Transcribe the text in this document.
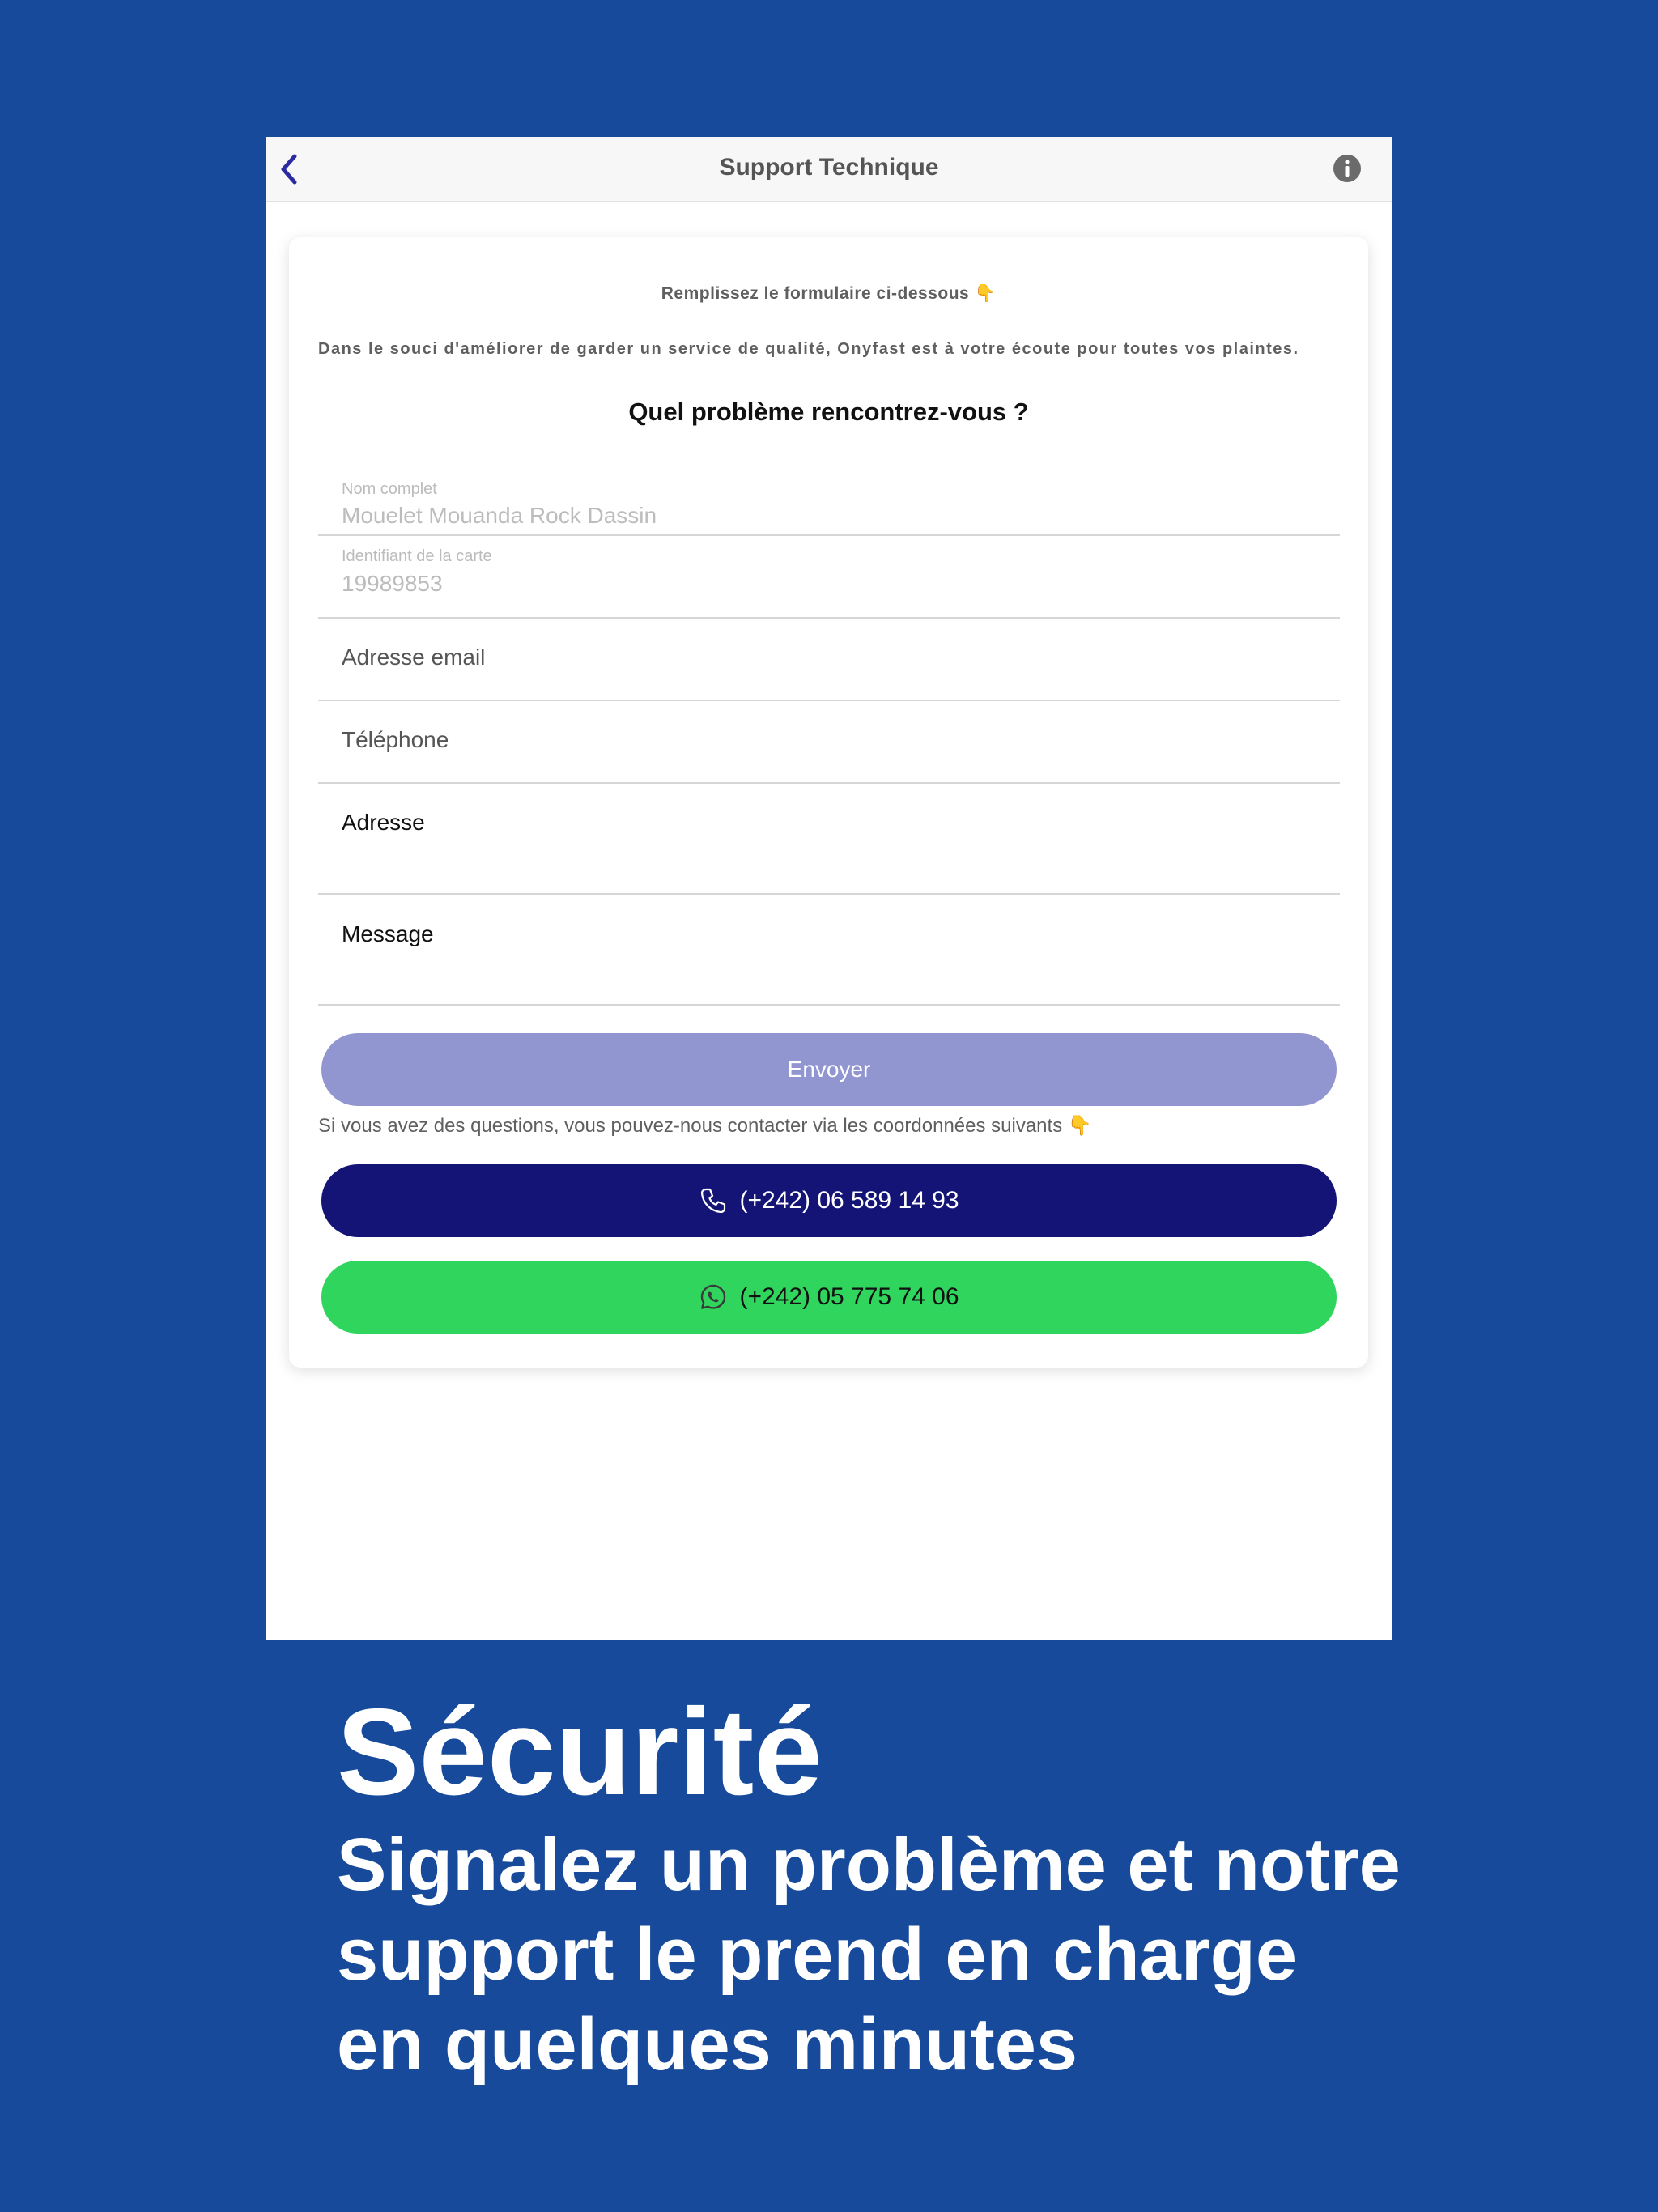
Support Technique
Remplissez le formulaire ci-dessous 👇
Dans le souci d'améliorer de garder un service de qualité, Onyfast est à votre écoute pour toutes vos plaintes.
Quel problème rencontrez-vous ?
Nom complet
Mouelet Mouanda Rock Dassin
Identifiant de la carte
19989853
Adresse email
Téléphone
Adresse
Message
Envoyer
Si vous avez des questions, vous pouvez-nous contacter via les coordonnées suivants 👇
(+242) 06 589 14 93
(+242) 05 775 74 06
Sécurité
Signalez un problème et notre
support le prend en charge
en quelques minutes
